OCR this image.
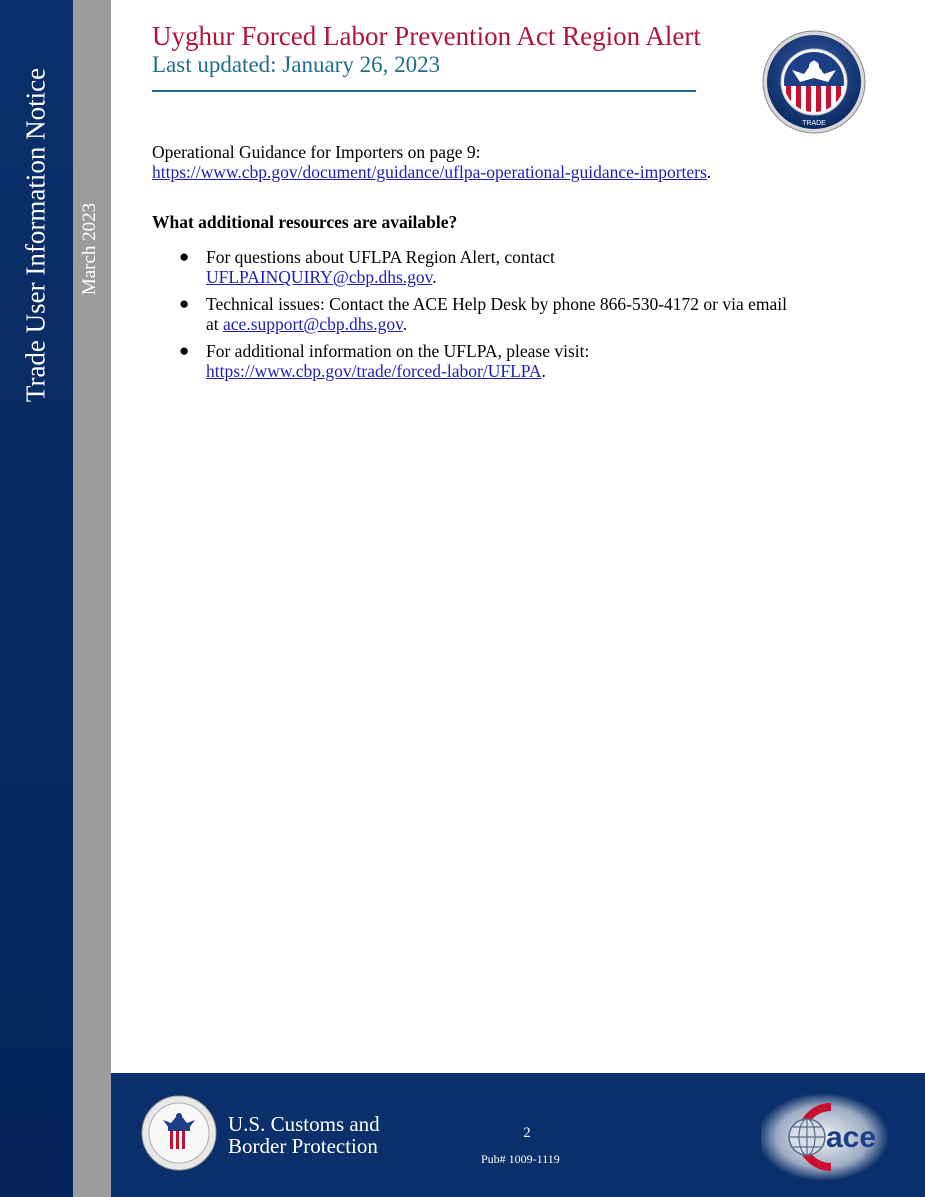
Trade User Information Notice March 2023
Uyghur Forced Labor Prevention Act Region Alert
Last updated: January 26, 2023
TRADE
Operational Guidance for Importers on page 9:
https://www.cbp.gov/document/guidance/uflpa-operational-guidance-importers.
What additional resources are available?
● For questions about UFLPA Region Alert, contact
UFLPAINQUIRY@cbp.dhs.gov.
● Technical issues: Contact the ACE Help Desk by phone 866-530-4172 or via email
at ace.support@cbp.dhs.gov.
● For additional information on the UFLPA, please visit:
https://www.cbp.gov/trade/forced-labor/UFLPA.
U.S. Customs and
Border Protection
2
Pub# 1009-1119
ace
